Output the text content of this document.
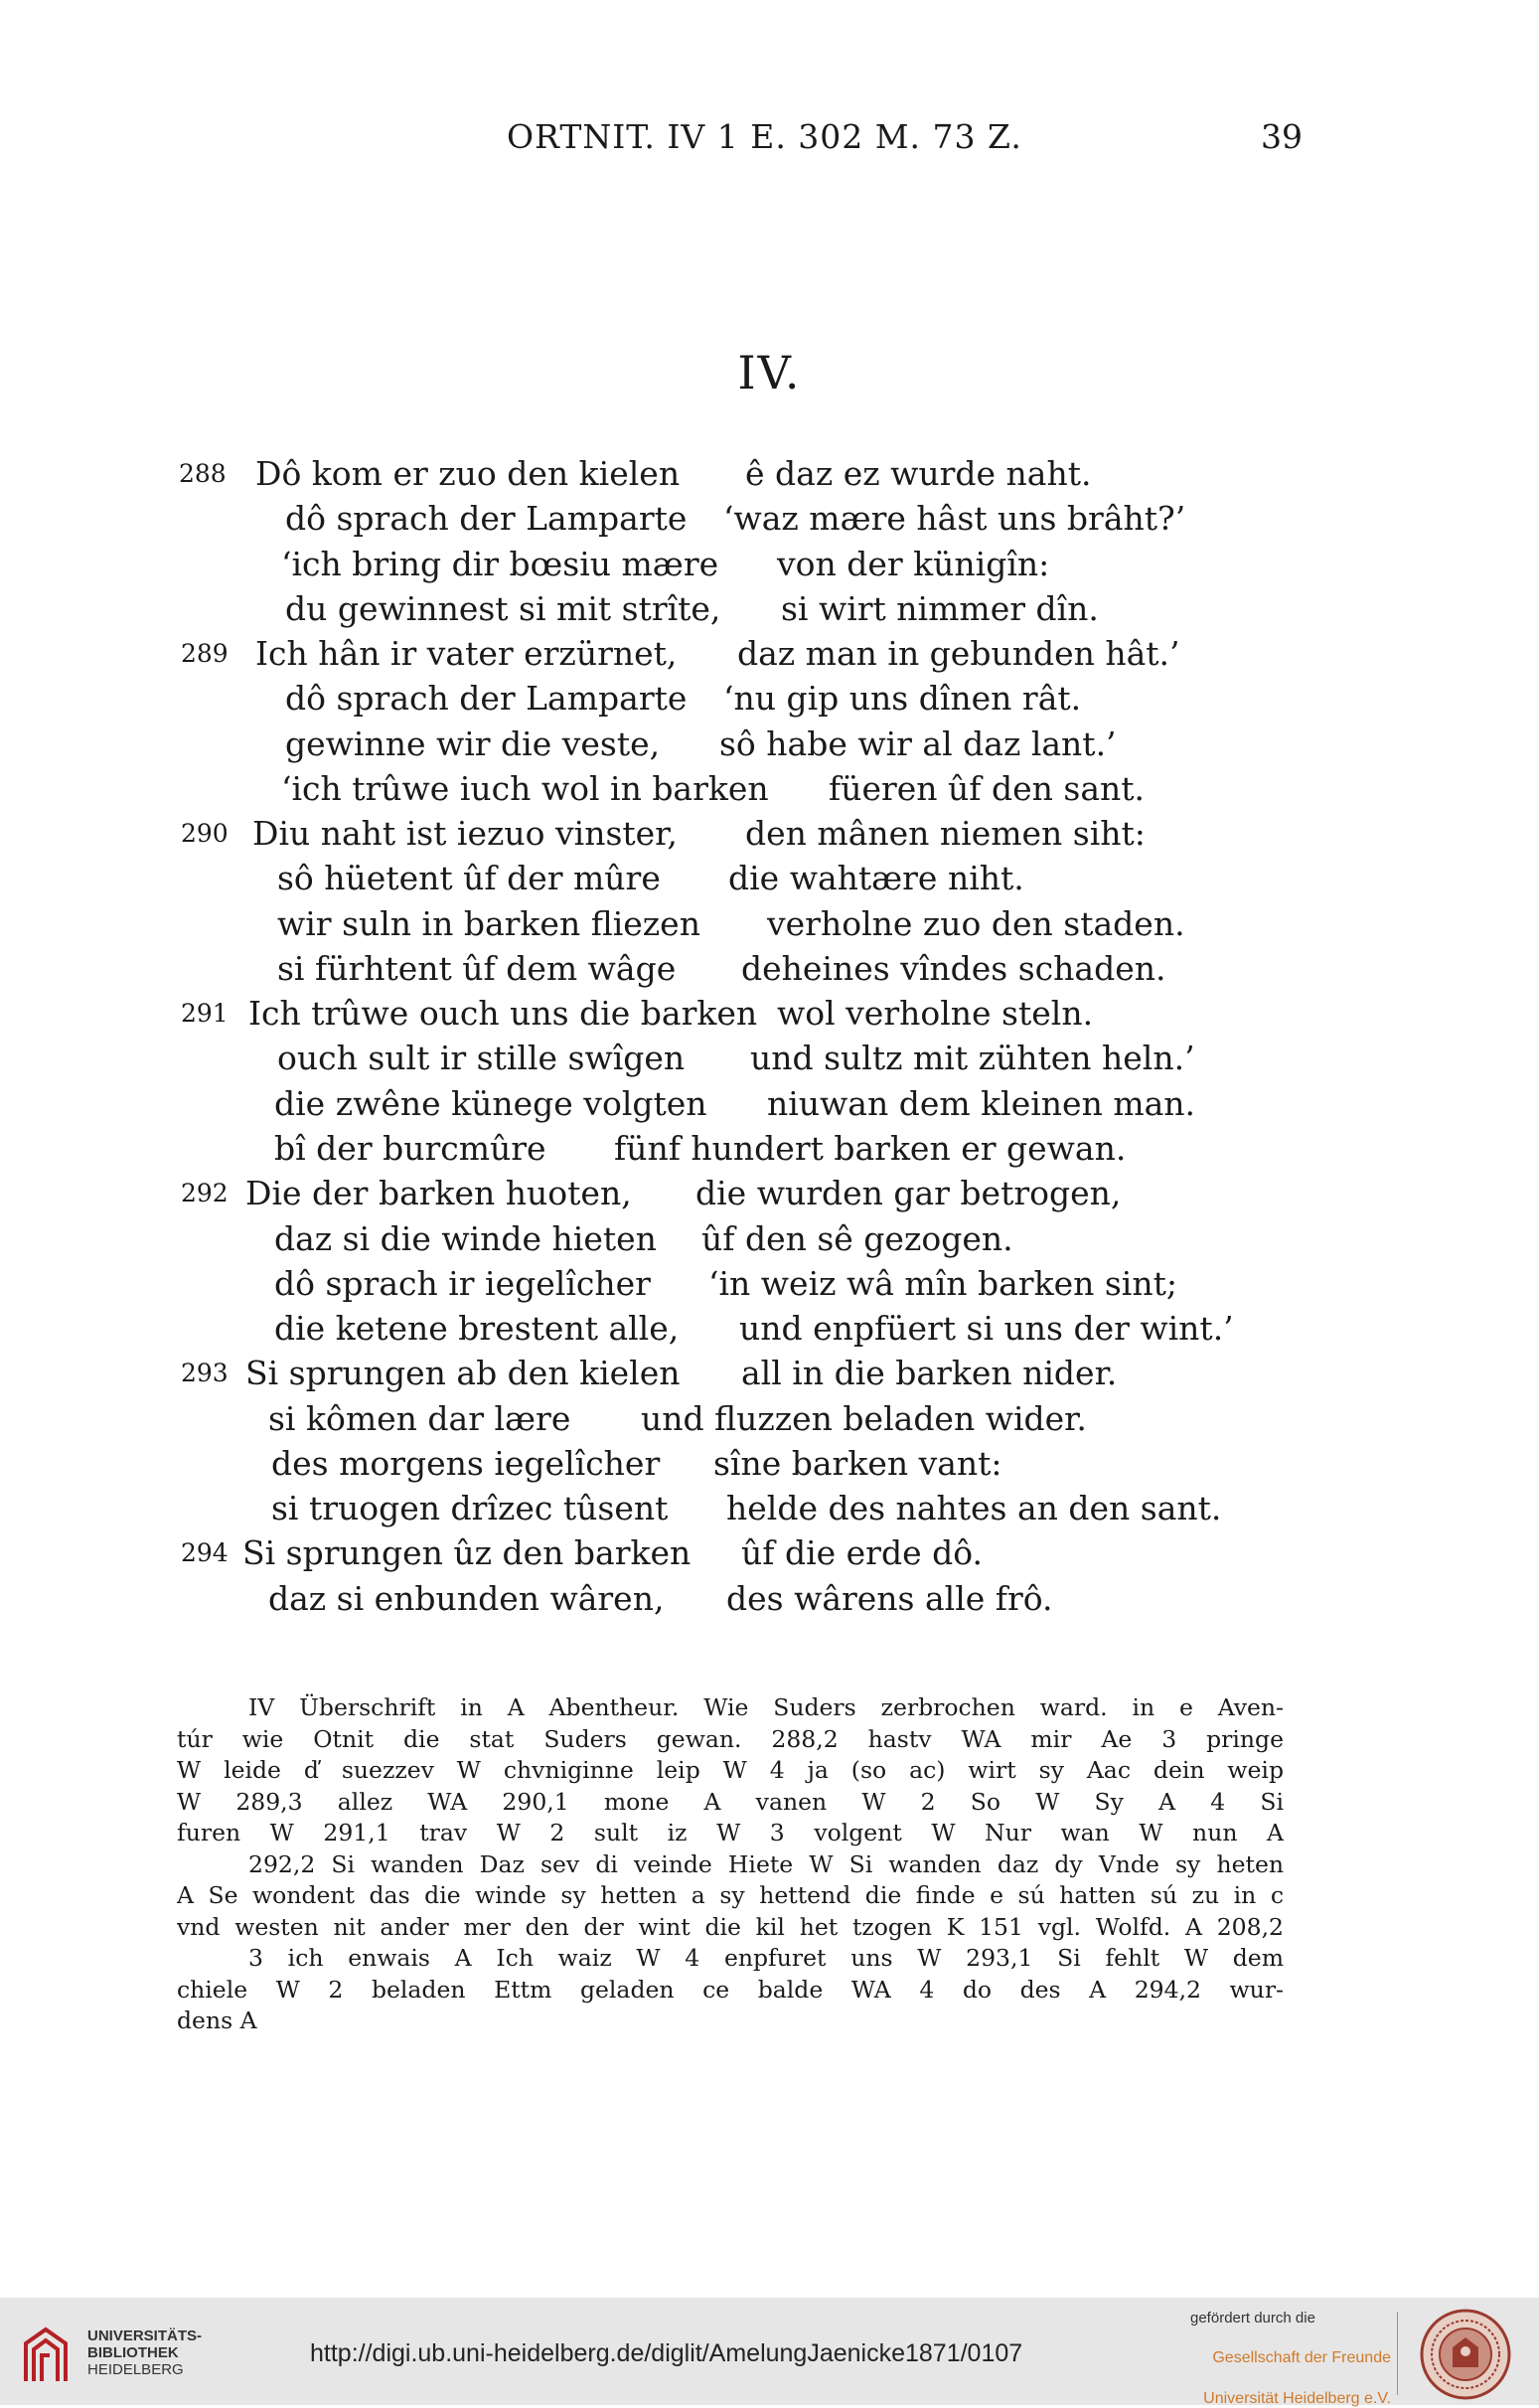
ORTNIT. IV 1 E. 302 M. 73 Z.	39
IV.
288 Dô kom er zuo den kielen ê daz ez wurde naht.
dô sprach der Lamparte ‘waz mære hâst uns brâht?’
‘ich bring dir bœsiu mære von der künigîn:
du gewinnest si mit strîte, si wirt nimmer dîn.
289 Ich hân ir vater erzürnet, daz man in gebunden hât.’
dô sprach der Lamparte ‘nu gip uns dînen rât.
gewinne wir die veste, sô habe wir al daz lant.’
‘ich trûwe iuch wol in barken füeren ûf den sant.
290 Diu naht ist iezuo vinster, den mânen niemen siht:
sô hüetent ûf der mûre die wahtære niht.
wir suln in barken fliezen verholne zuo den staden.
si fürhtent ûf dem wâge deheines vîndes schaden.
291 Ich trûwe ouch uns die barken wol verholne steln.
ouch sult ir stille swîgen und sultz mit zühten heln.’
die zwêne künege volgten niuwan dem kleinen man.
bî der burcmûre fünf hundert barken er gewan.
292 Die der barken huoten, die wurden gar betrogen,
daz si die winde hieten ûf den sê gezogen.
dô sprach ir iegelîcher ‘in weiz wâ mîn barken sint;
die ketene brestent alle, und enpfüert si uns der wint.’
293 Si sprungen ab den kielen all in die barken nider.
si kômen dar lære und fluzzen beladen wider.
des morgens iegelîcher sîne barken vant:
si truogen drîzec tûsent helde des nahtes an den sant.
294 Si sprungen ûz den barken ûf die erde dô.
daz si enbunden wâren, des wârens alle frô.
IV Überschrift in A Abentheur. Wie Suders zerbrochen ward. in e Aven-
túr wie Otnit die stat Suders gewan. 288,2 hastv WA mir Ae 3 pringe
W leide ď suezzev W chvniginne leip W 4 ja (so ac) wirt sy Aac dein weip
W 289,3 allez WA 290,1 mone A vanen W 2 So W Sy A 4 Si
furen W 291,1 trav W 2 sult iz W 3 volgent W Nur wan W nun A
292,2 Si wanden Daz sev di veinde Hiete W Si wanden daz dy Vnde sy heten
A Se wondent das die winde sy hetten a sy hettend die finde e sú hatten sú zu in c
vnd westen nit ander mer den der wint die kil het tzogen K 151 vgl. Wolfd. A 208,2
3 ich enwais A Ich waiz W 4 enpfuret uns W 293,1 Si fehlt W dem
chiele W 2 beladen Ettm geladen ce balde WA 4 do des A 294,2 wur-
dens A
UNIVERSITÄTS-
BIBLIOTHEK
HEIDELBERG
http://digi.ub.uni-heidelberg.de/diglit/AmelungJaenicke1871/0107
gefördert durch die
Gesellschaft der Freunde
Universität Heidelberg e.V.
